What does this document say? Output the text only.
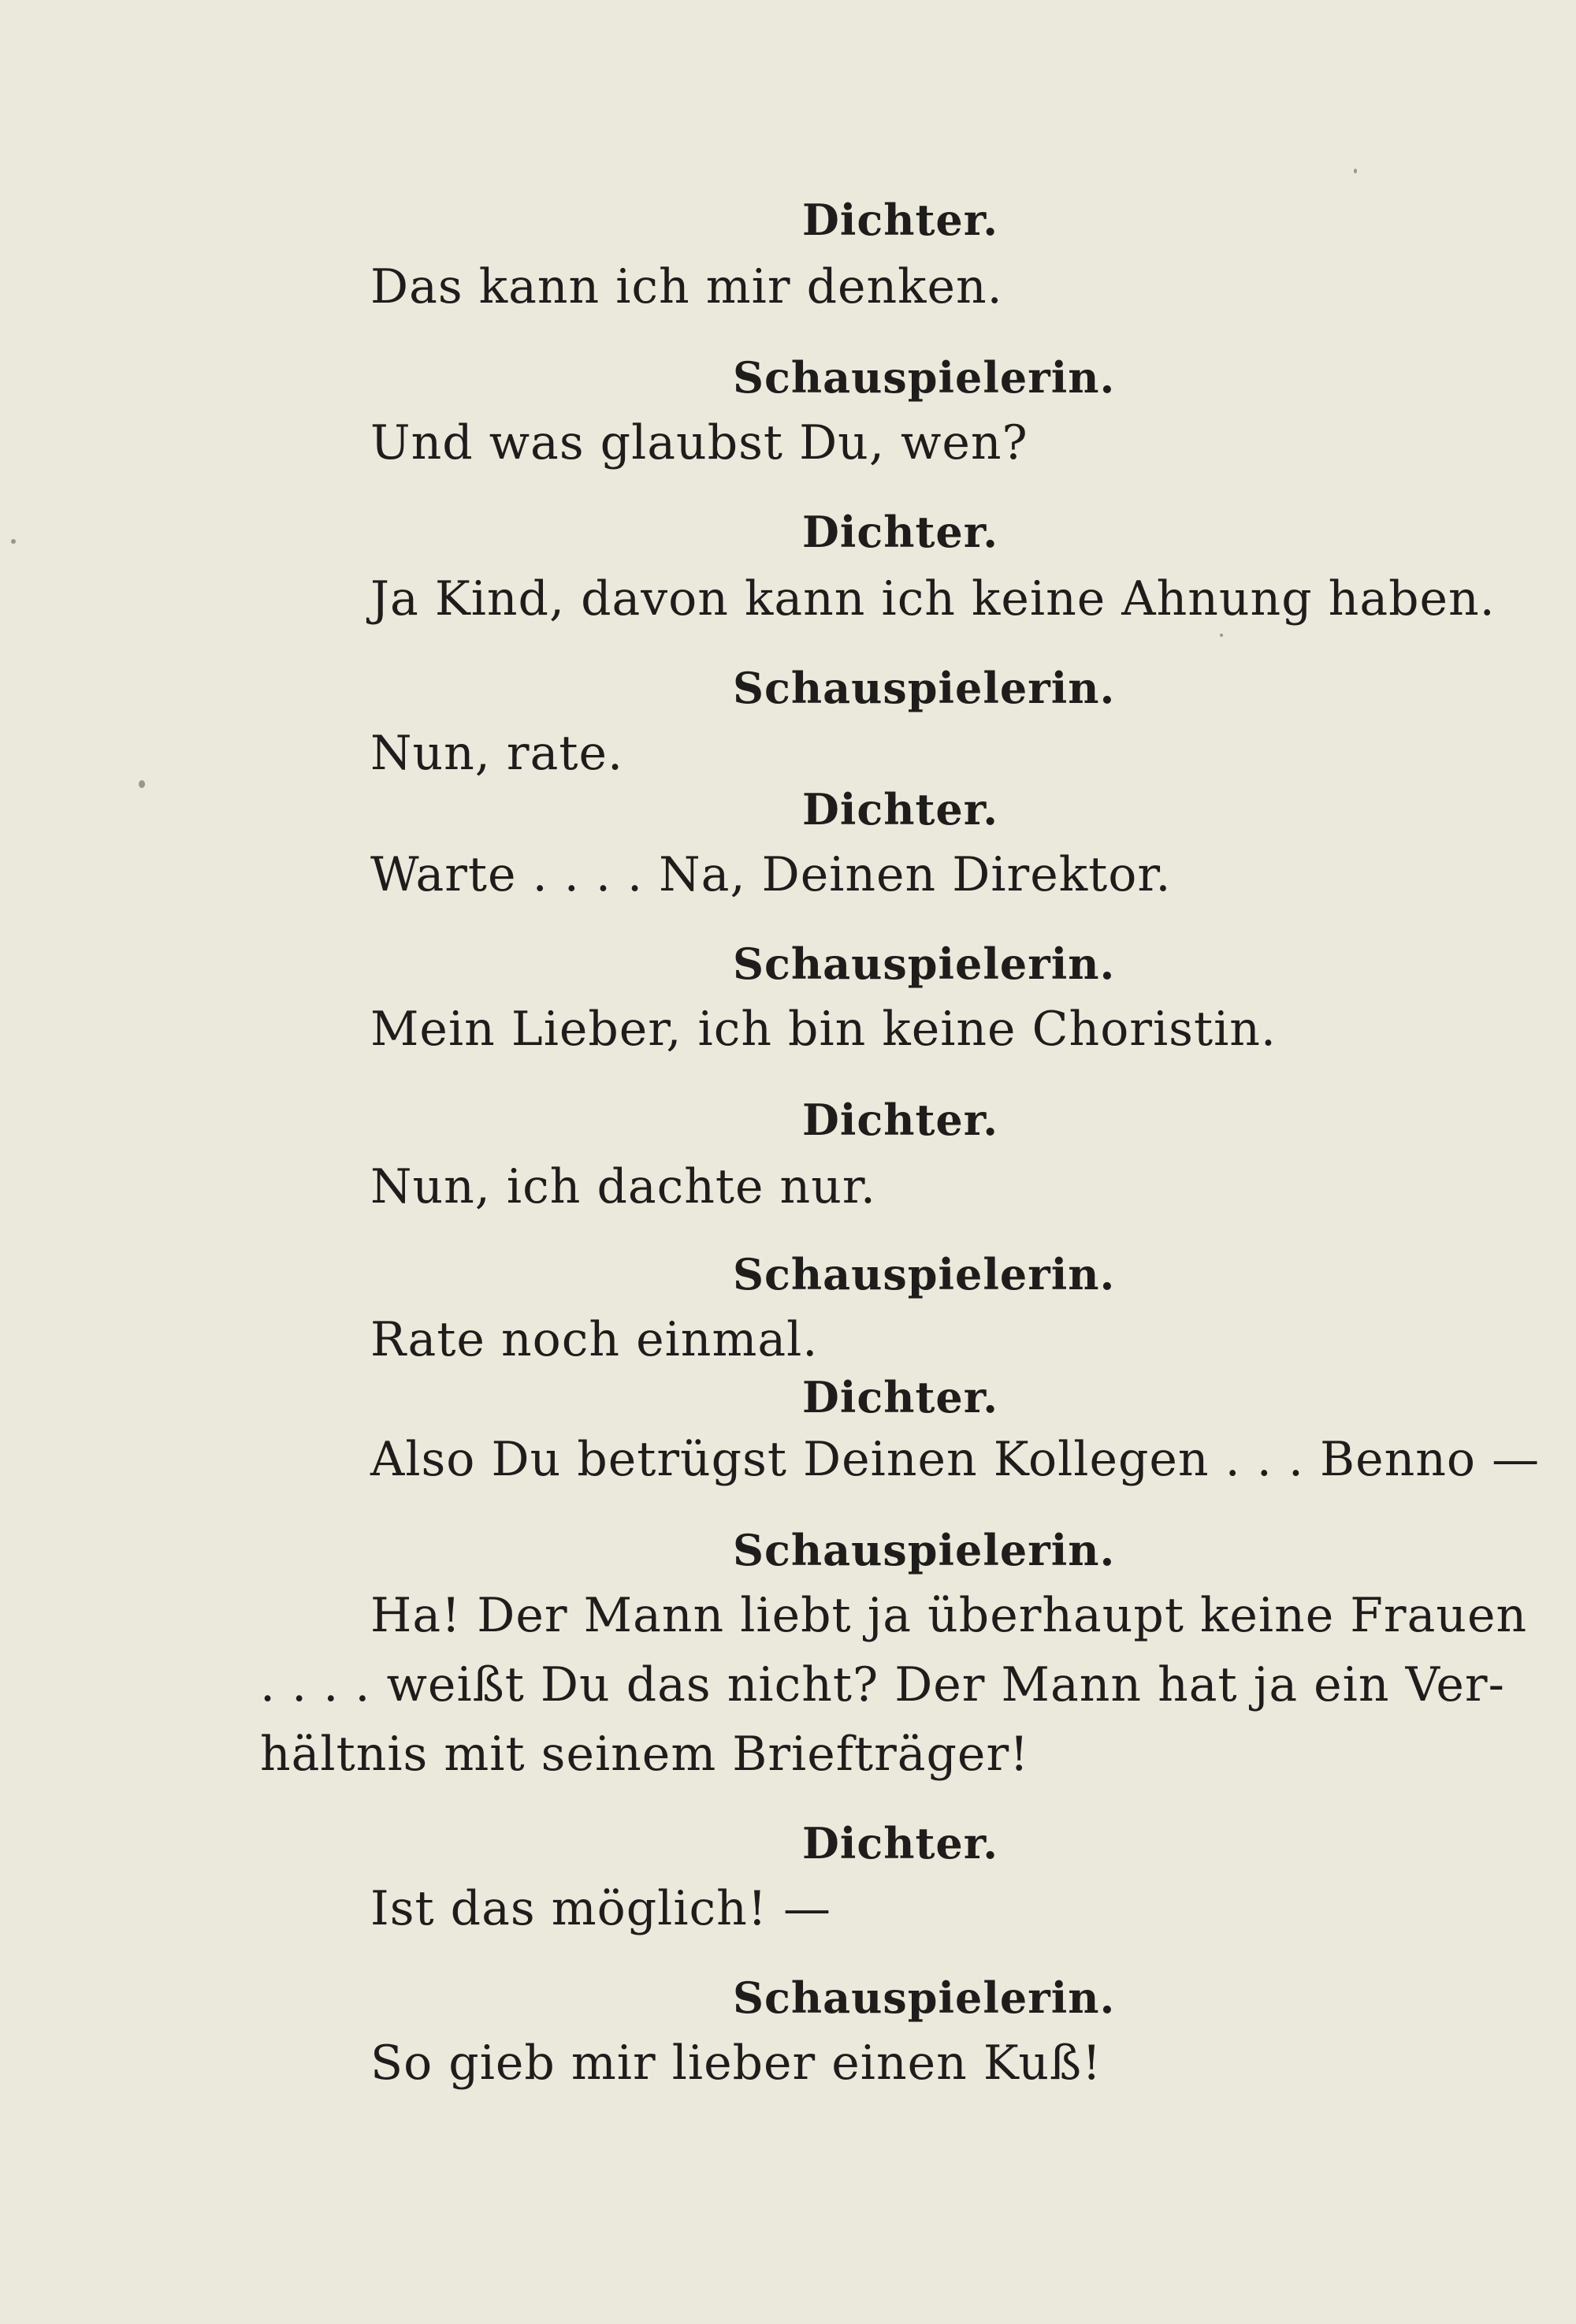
Dichter.
Das kann ich mir denken.
Schauspielerin.
Und was glaubst Du, wen?
Dichter.
Ja Kind, davon kann ich keine Ahnung haben.
Schauspielerin.
Nun, rate.
Dichter.
Warte . . . . Na, Deinen Direktor.
Schauspielerin.
Mein Lieber, ich bin keine Choristin.
Dichter.
Nun, ich dachte nur.
Schauspielerin.
Rate noch einmal.
Dichter.
Also Du betrügst Deinen Kollegen . . . Benno —
Schauspielerin.
Ha! Der Mann liebt ja überhaupt keine Frauen
. . . . weißt Du das nicht? Der Mann hat ja ein Ver-
hältnis mit seinem Briefträger!
Dichter.
Ist das möglich! —
Schauspielerin.
So gieb mir lieber einen Kuß!
